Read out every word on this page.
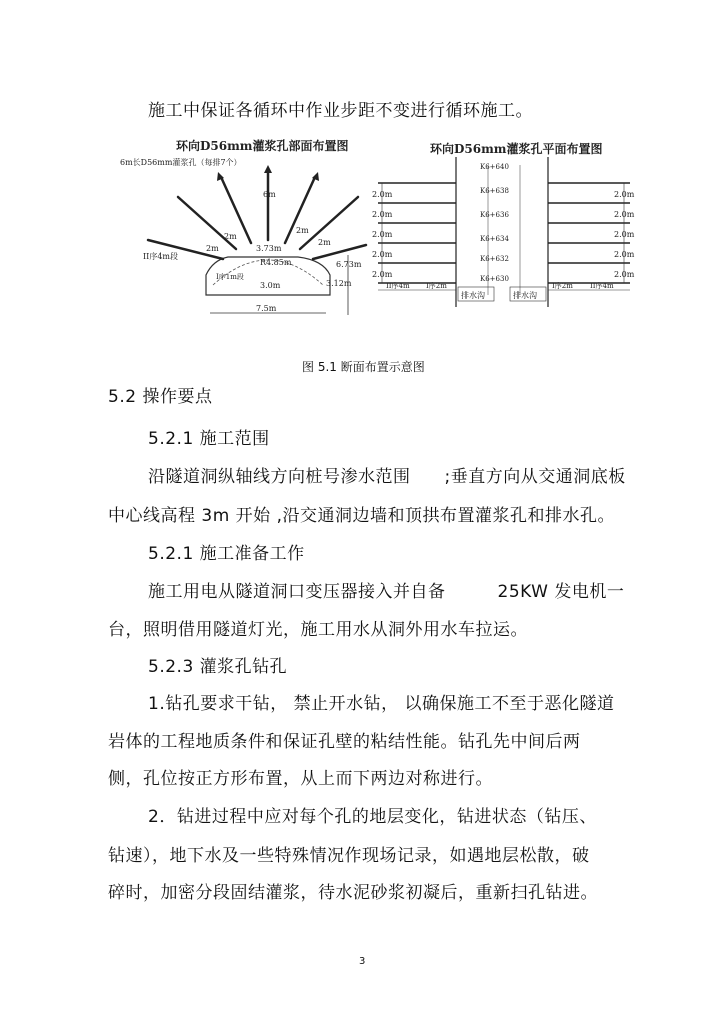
施工中保证各循环中作业步距不变进行循环施工。
环向D56mm灌浆孔部面布置图
6m长D56mm灌浆孔（每排7个）
6m
2m
2m
2m
2m
3.73m
R4.85m	6.73m
3.0m	3.12m
7.5m
II序4m段
I序1m段
环向D56mm灌浆孔平面布置图
K6+640
K6+638
K6+636
K6+634
K6+632
K6+630
2.0m
2.0m
2.0m
2.0m
2.0m
2.0m
2.0m
2.0m
2.0m
2.0m
排水沟	排水沟
II序4m I序2m	I序2m II序4m
图 5.1 断面布置示意图
5.2 操作要点
5.2.1 施工范围
沿隧道洞纵轴线方向桩号渗水范围 ;垂直方向从交通洞底板
中心线高程 3m 开始 ,沿交通洞边墙和顶拱布置灌浆孔和排水孔。
5.2.1 施工准备工作
施工用电从隧道洞口变压器接入并自备	25KW 发电机一
台，照明借用隧道灯光，施工用水从洞外用水车拉运。
5.2.3 灌浆孔钻孔
1.钻孔要求干钻， 禁止开水钻， 以确保施工不至于恶化隧道
岩体的工程地质条件和保证孔壁的粘结性能。钻孔先中间后两
侧，孔位按正方形布置，从上而下两边对称进行。
2．钻进过程中应对每个孔的地层变化，钻进状态（钻压、
钻速），地下水及一些特殊情况作现场记录，如遇地层松散，破
碎时，加密分段固结灌浆，待水泥砂浆初凝后，重新扫孔钻进。
3
